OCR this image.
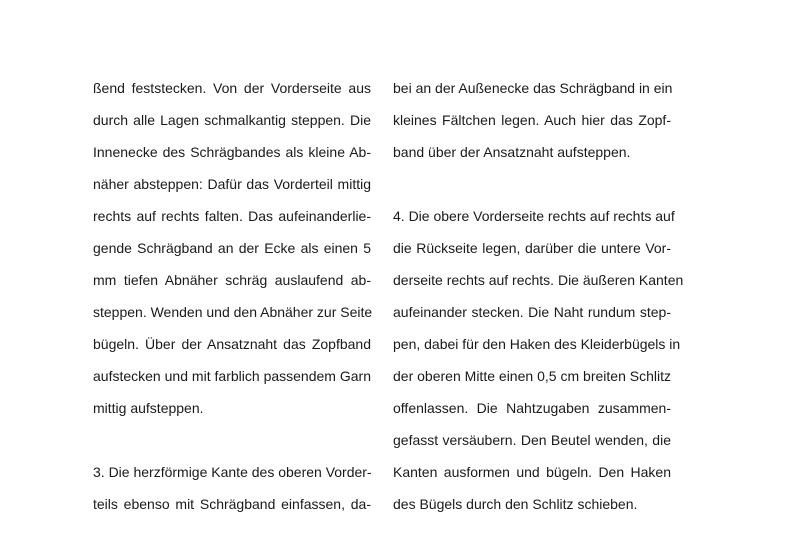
ßend feststecken. Von der Vorderseite aus
durch alle Lagen schmalkantig steppen. Die
Innenecke des Schrägbandes als kleine Ab-
näher absteppen: Dafür das Vorderteil mittig
rechts auf rechts falten. Das aufeinanderlie-
gende Schrägband an der Ecke als einen 5
mm tiefen Abnäher schräg auslaufend ab-
steppen. Wenden und den Abnäher zur Seite
bügeln. Über der Ansatznaht das Zopfband
aufstecken und mit farblich passendem Garn
mittig aufsteppen.
3. Die herzförmige Kante des oberen Vorder-
teils ebenso mit Schrägband einfassen, da-
bei an der Außenecke das Schrägband in ein
kleines Fältchen legen. Auch hier das Zopf-
band über der Ansatznaht aufsteppen.
4. Die obere Vorderseite rechts auf rechts auf
die Rückseite legen, darüber die untere Vor-
derseite rechts auf rechts. Die äußeren Kanten
aufeinander stecken. Die Naht rundum step-
pen, dabei für den Haken des Kleiderbügels in
der oberen Mitte einen 0,5 cm breiten Schlitz
offenlassen. Die Nahtzugaben zusammen-
gefasst versäubern. Den Beutel wenden, die
Kanten ausformen und bügeln. Den Haken
des Bügels durch den Schlitz schieben.
